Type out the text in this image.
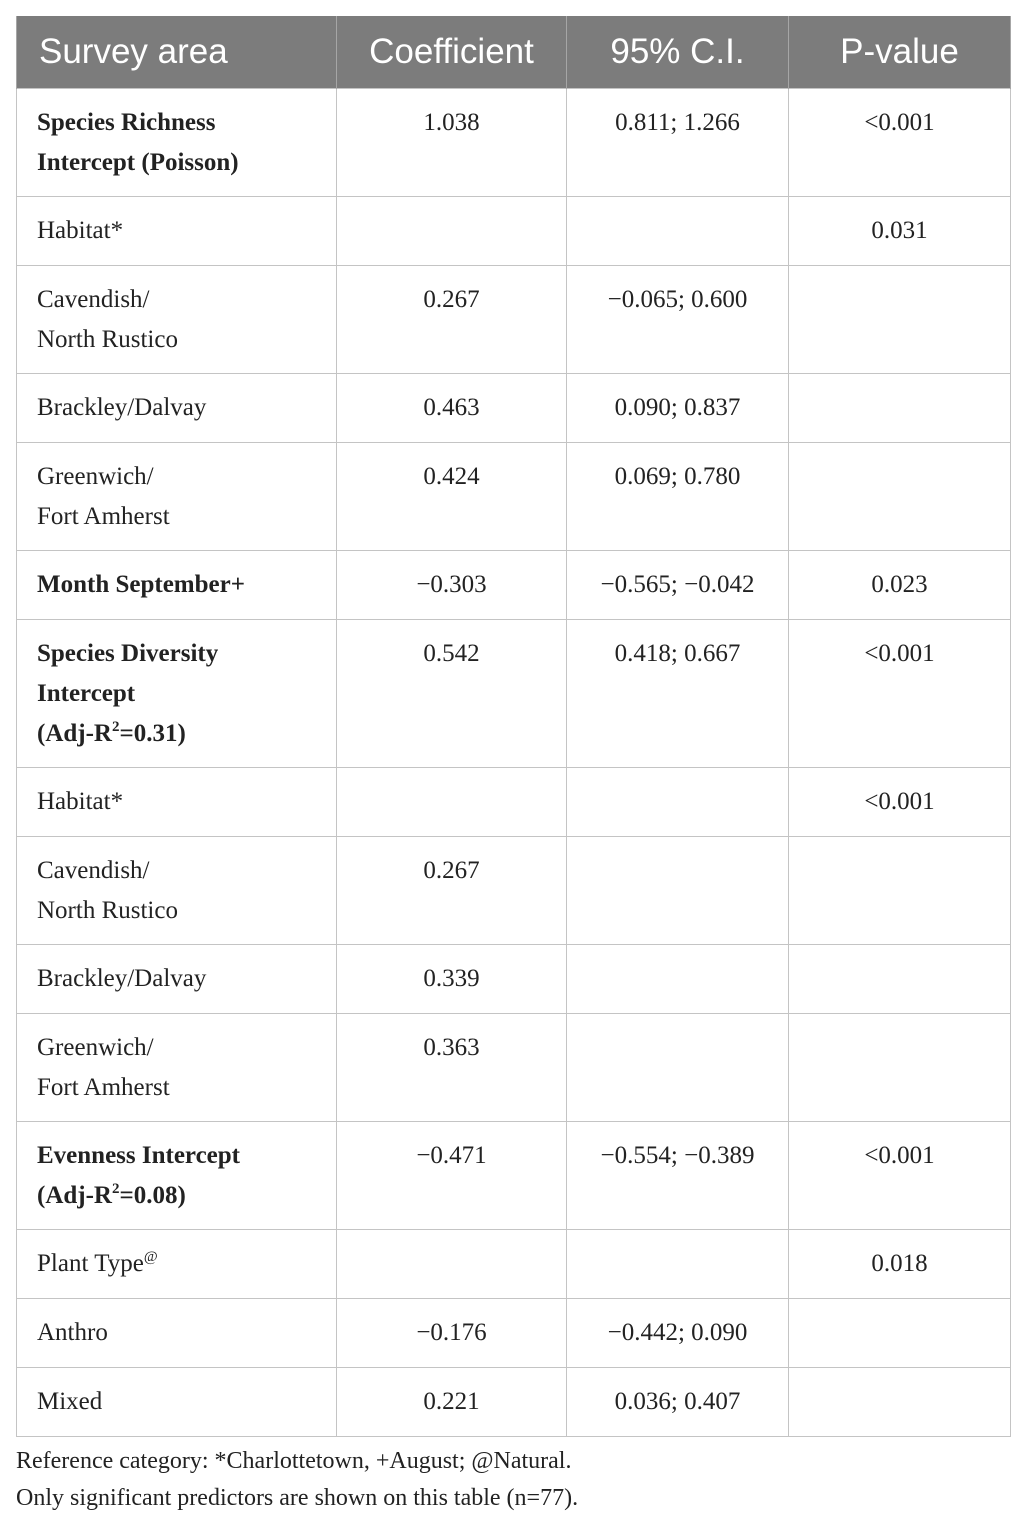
Survey area	Coefficient	95% C.I.	P-value

Species Richness
Intercept (Poisson)	1.038	0.811; 1.266	<0.001

Habitat*			0.031

Cavendish/
North Rustico	0.267	−0.065; 0.600	

Brackley/Dalvay	0.463	0.090; 0.837	

Greenwich/
Fort Amherst	0.424	0.069; 0.780	

Month September+	−0.303	−0.565; −0.042	0.023

Species Diversity
Intercept
$(Adj-R^2=0.31)$	0.542	0.418; 0.667	<0.001

Habitat*			<0.001

Cavendish/
North Rustico	0.267		

Brackley/Dalvay	0.339		

Greenwich/
Fort Amherst	0.363		

Evenness Intercept
$(Adj-R^2=0.08)$	−0.471	−0.554; −0.389	<0.001

Plant Type@			0.018

Anthro	−0.176	−0.442; 0.090	

Mixed	0.221	0.036; 0.407	
Reference category: *Charlottetown, +August; @Natural.
Only significant predictors are shown on this table (n=77).
